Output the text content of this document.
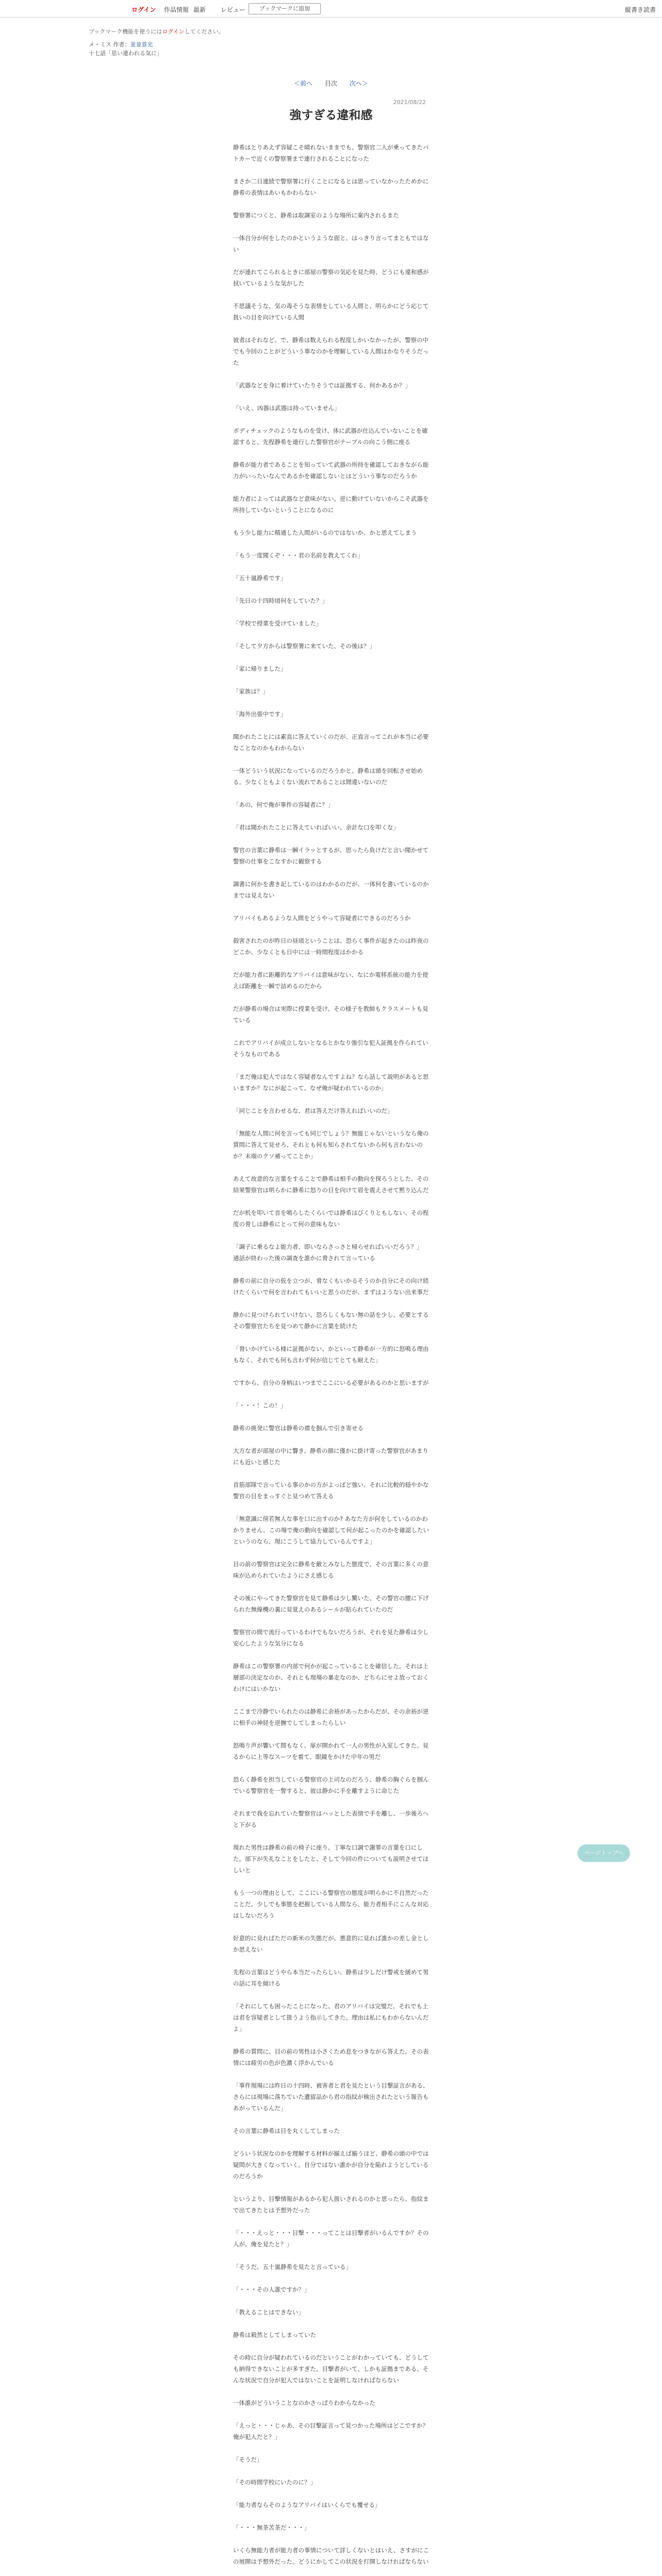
ログイン 作品情報 最新 レビュー	ブックマークに追加	縦書き読書
ブックマーク機能を使うにはログインしてください。
メ・ミス 作者：並並景光
十七話「思い違われる気に」
＜前へ 目次 次へ＞
2021/08/22
強すぎる違和感

静希はとりあえず容疑こそ晴れないままでも、警察官二人が乗ってきたパトカーで近くの警察署まで連行されることになった

まさか二日連続で警察署に行くことになるとは思っていなかったためかに静希の表情はあいもかわらない

警察署につくと、静希は取調室のような場所に案内されるまた

一体自分が何をしたのかというような面と、はっきり言ってまともではない

だが連れてこられるときに部屋の警察の気応を見た時、どうにも違和感が拭いているような気がした

不思議そうな、気の毒そうな表情をしている人間と、明らかにどう応じて扱いの目を向けている人間

彼者はそれなど、で、静希は数えられる程度しかいなかったが、警察の中でも今回のことがどういう事なのかを理解している人間はかなりそうだった

「武器などを身に着けていたりそうでは証拠する、何かあるか？」

「いえ、凶器は武器は持っていません」

ボディチェックのようなものを受け、体に武器が仕込んでいないことを確認すると、先程静希を連行した警察官がテーブルの向こう側に座る

静希が能力者であることを知っていて武器の所持を確認しておきながら能力がいったいなんであるかを確認しないとはどういう事なのだろうか

能力者によっては武器など意味がない。逆に動けていないからこそ武器を所持していないということになるのに

もう少し能力に精通した人間がいるのではないか、かと思えてしまう

「もう一度聞くぞ・・・君の名前を教えてくれ」

「五十嵐静希です」

「先日の十四時頃何をしていた？」

「学校で授業を受けていました」

「そして夕方からは警察署に来ていた、その後は？」

「家に帰りました」

「家族は？」

「海外出張中です」

聞かれたことには素直に答えていくのだが、正直言ってこれが本当に必要なことなのかもわからない

一体どういう状況になっているのだろうかと、静希は頭を回転させ始める。少なくともよくない流れであることは間違いないのだ

「あの、何で俺が事件の容疑者に？」

「君は聞かれたことに答えていればいい、余計な口を叩くな」

警官の言葉に静希は一瞬イラッとするが、思ったら負けだと言い聞かせて警察の仕事をこなすかに観察する

調書に何かを書き記しているのはわかるのだが、一体何を書いているのかまでは見えない

アリバイもあるような人間をどうやって容疑者にできるのだろうか

殺害されたのが昨日の昼頃ということは、恐らく事件が起きたのは昨夜のどこか、少なくとも日中には一時間程度はかかる

だが能力者に距離的なアリバイは意味がない、なにか電移系統の能力を使えば距離を一瞬で詰めるのだから

だが静希の場合は実際に授業を受け、その様子を教師もクラスメートも見ている

これでアリバイが成立しないとなるとかなり強引な犯人証拠を作られていそうなものである

「まだ俺は犯人ではなく容疑者なんですよね？なら話して説明があると思いますか？なにが起こって、なぜ俺が疑われているのか」

「同じことを言わせるな、君は答えだけ答えればいいのだ」

「無能な人間に何を言っても同じでしょう？無能じゃないというなら俺の質問に答えて見せろ、それとも何も知らされてないから何も言わないのか？末端のクソ補ってことか」

あえて故意的な言葉をすることで静希は相手の動向を探ろうとした、その結果警察官は明らかに静希に怒りの目を向けて眉を震えさせて黙り込んだ

だが机を叩いて音を鳴らしたくらいでは静希はびくりともしない、その程度の脅しは静希にとって何の意味もない

「調子に乗るなよ能力者、即いならさっさと帰らせればいいだろう？」 通話が終わった後の調査を誰かに脅されて言っている

静希の前に自分の仮を立つが、脅なくもいかるそうのか自分にその向け続けたくらいで何を言われてもいいと思うのだが、まずはようない出来事だ

静かに見つけられていけない、恐ろしくもない無の話を少し、必要とするその警察官たちを見つめて静かに言葉を続けた

「脅いかけている様に証拠がない、かといって静希が一方的に怒鳴る理由もなく、それでも何も言わず何が信じてとても耐えた」

ですから、自分の身柄はいつまでここにいる必要があるのかと思いますが

「・・・！この！」

静希の挑発に警官は静希の襟を掴んで引き寄せる

大方な者が部屋の中に響き、静希の顔に僅かに掛け寄った警察官があまりにも近いと感じた

首筋部隊で言っている事のかの方がよっぽど強い、それに比較的穏やかな警官の目をまっすぐと見つめて答える

「無意識に傍若無人な事を口に出すのか? あなた方が何をしているのかわかりません。この場で俺の動向を確認して何が起こったのかを確認したいというのなら、現にこうして協力しているんですよ」

目の前の警察官は完全に静希を敵とみなした態度で、その言葉に多くの意味が込められていたようにさえ感じる

その後にやってきた警察官を見て静希は少し驚いた、その警官の腰に下げられた無線機の裏に見覚えのあるシールが貼られていたのだ

警察官の間で流行っているわけでもないだろうが、それを見た静希は少し安心したような気分になる

静希はこの警察署の内部で何かが起こっていることを確信した。それは上層部の決定なのか、それとも現場の暴走なのか、どちらにせよ放っておくわけにはいかない

ここまで冷静でいられたのは静希に余裕があったからだが、その余裕が逆に相手の神経を逆撫でしてしまったらしい

怒鳴り声が響いて間もなく、扉が開かれて一人の男性が入室してきた。見るからに上等なスーツを着て、眼鏡をかけた中年の男だ

恐らく静希を担当している警察官の上司なのだろう、静希の胸ぐらを掴んでいる警察官を一瞥すると、彼は静かに手を離すように命じた

それまで我を忘れていた警察官はハッとした表情で手を離し、一歩後ろへと下がる

現れた男性は静希の前の椅子に座り、丁寧な口調で謝罪の言葉を口にした。部下が失礼なことをしたと、そして今回の件についても説明させてほしいと

もう一つの理由として、ここにいる警察官の態度が明らかに不自然だったことだ。少しでも事態を把握している人間なら、能力者相手にこんな対応はしないだろう

好意的に見ればただの新米の失態だが、悪意的に見れば誰かの差し金としか思えない

先程の言葉はどうやら本当だったらしい、静希は少しだけ警戒を緩めて男の話に耳を傾ける

「それにしても困ったことになった、君のアリバイは完璧だ。それでも上は君を容疑者として扱うよう指示してきた。理由は私にもわからないんだよ」

静希の質問に、目の前の男性は小さくため息をつきながら答えた。その表情には疲労の色が色濃く浮かんでいる

「事件現場には昨日の十四時、被害者と君を見たという目撃証言がある、さらには現場に落ちていた遺留品から君の指紋が検出されたという報告もあがっているんだ」

その言葉に静希は目を丸くしてしまった

どういう状況なのかを理解する材料が揃えば揃うほど、静希の頭の中では疑問が大きくなっていく。自分ではない誰かが自分を陥れようとしているのだろうか

というより、目撃情報があるから犯人扱いされるのかと思ったら、指紋まで出てきたとは予想外だった

「・・・えっと・・・目撃・・・ってことは目撃者がいるんですか？その人が、俺を見たと？」

「そうだ。五十嵐静希を見たと言っている」

「・・・その人誰ですか？」

「教えることはできない」

静希は毅然としてしまっていた

その時に自分が疑われているのだということがわかっていても、どうしても納得できないことが多すぎた。目撃者がいて、しかも証拠まである、そんな状況で自分が犯人ではないことを証明しなければならない

一体誰がどういうことなのかさっぱりわからなかった

「えっと・・・じゃあ、その目撃証言って見つかった場所はどこですか？俺が犯人だと？」

「そうだ」

「その時間学校にいたのに？」

「能力者ならそのようなアリバイはいくらでも覆せる」

「・・・無茶苦茶だ・・・」

いくら無能力者が能力者の事情について詳しくないとはいえ、さすがにこの展開は予想外だった。どうにかしてこの状況を打開しなければならない

ページトップへ
